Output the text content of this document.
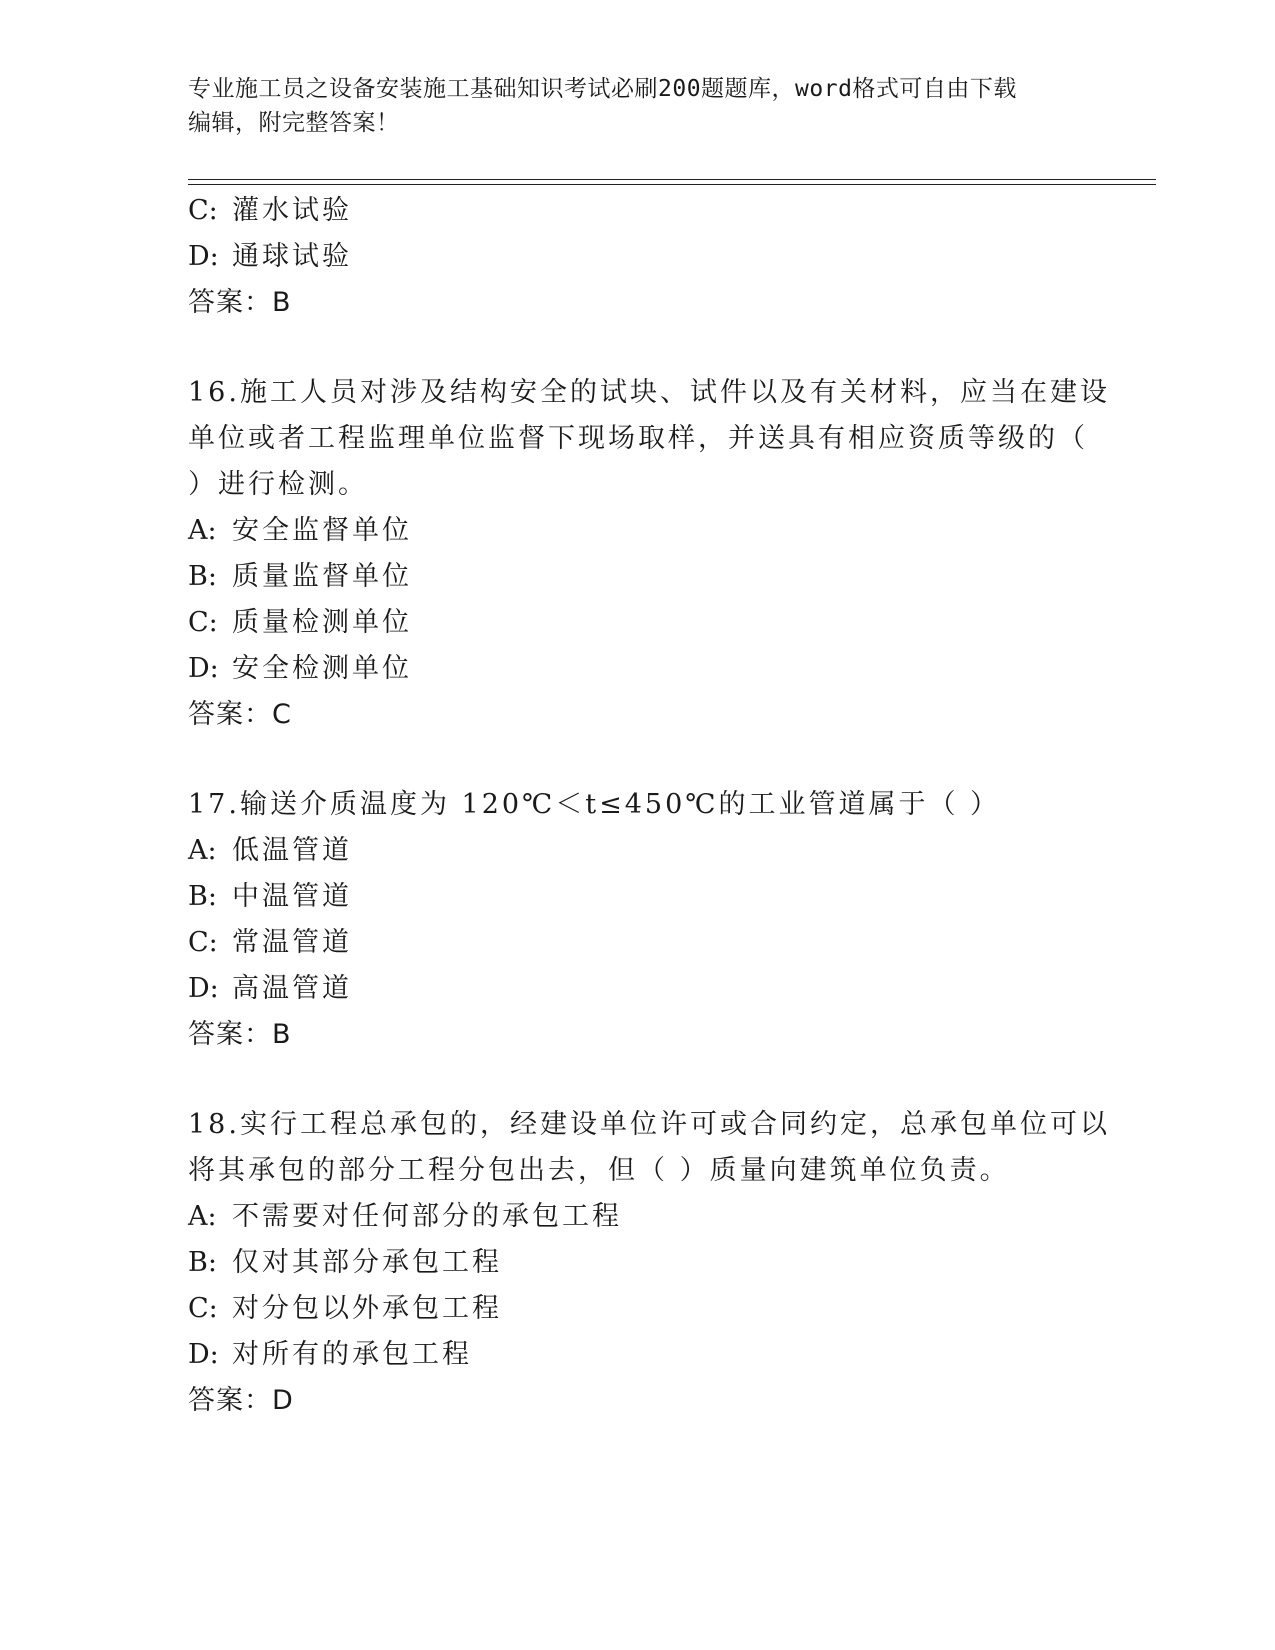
专业施工员之设备安装施工基础知识考试必刷200题题库，word格式可自由下载
编辑，附完整答案！
C: 灌水试验
D: 通球试验
答案：B
16.施工人员对涉及结构安全的试块、试件以及有关材料，应当在建设
单位或者工程监理单位监督下现场取样，并送具有相应资质等级的（
）进行检测。
A: 安全监督单位
B: 质量监督单位
C: 质量检测单位
D: 安全检测单位
答案：C
17.输送介质温度为 120℃＜t≤450℃的工业管道属于（ ）
A: 低温管道
B: 中温管道
C: 常温管道
D: 高温管道
答案：B
18.实行工程总承包的，经建设单位许可或合同约定，总承包单位可以
将其承包的部分工程分包出去，但（ ）质量向建筑单位负责。
A: 不需要对任何部分的承包工程
B: 仅对其部分承包工程
C: 对分包以外承包工程
D: 对所有的承包工程
答案：D
